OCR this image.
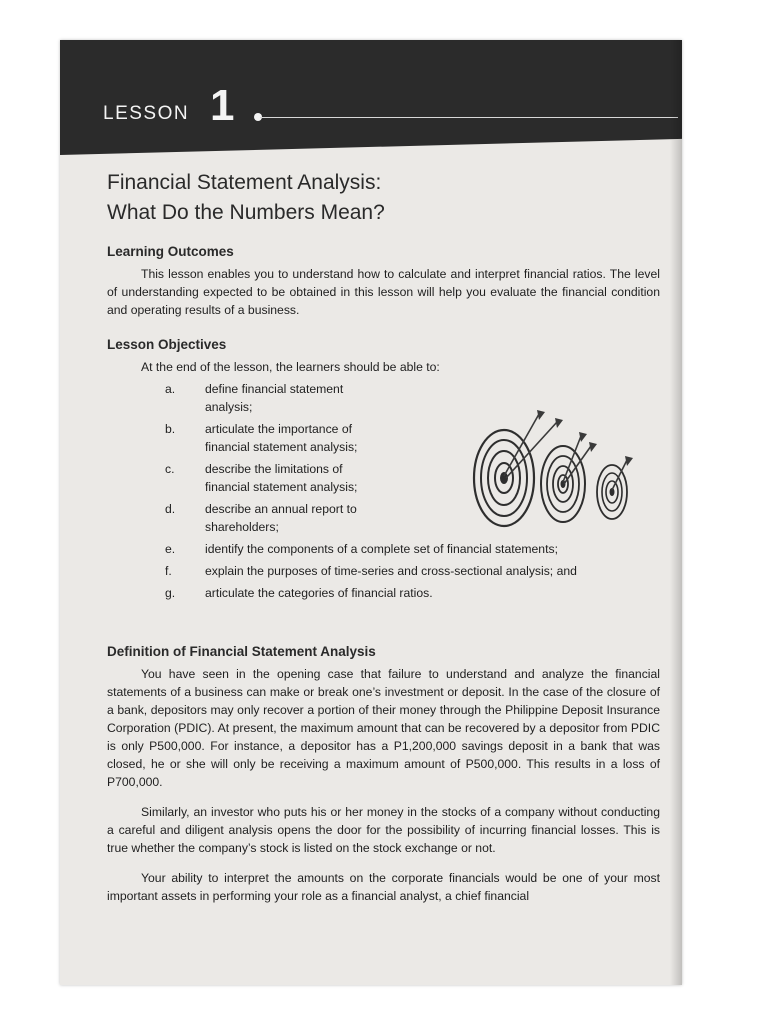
LESSON 1
Financial Statement Analysis:
What Do the Numbers Mean?
Learning Outcomes

This lesson enables you to understand how to calculate and interpret financial ratios. The level of understanding expected to be obtained in this lesson will help you evaluate the financial condition and operating results of a business.

Lesson Objectives

At the end of the lesson, the learners should be able to:

a. define financial statement analysis;
b. articulate the importance of financial statement analysis;
c.	describe the limitations of financial statement analysis;
d. describe an annual report to shareholders;
e. identify the components of a complete set of financial statements;
f.	explain the purposes of time-series and cross-sectional analysis; and
g. articulate the categories of financial ratios.
Definition of Financial Statement Analysis

You have seen in the opening case that failure to understand and analyze the financial statements of a business can make or break one’s investment or deposit. In the case of the closure of a bank, depositors may only recover a portion of their money through the Philippine Deposit Insurance Corporation (PDIC). At present, the maximum amount that can be recovered by a depositor from PDIC is only P500,000. For instance, a depositor has a P1,200,000 savings deposit in a bank that was closed, he or she will only be receiving a maximum amount of P500,000. This results in a loss of P700,000.

Similarly, an investor who puts his or her money in the stocks of a company without conducting a careful and diligent analysis opens the door for the possibility of incurring financial losses. This is true whether the company’s stock is listed on the stock exchange or not.

Your ability to interpret the amounts on the corporate financials would be one of your most important assets in performing your role as a financial analyst, a chief financial
